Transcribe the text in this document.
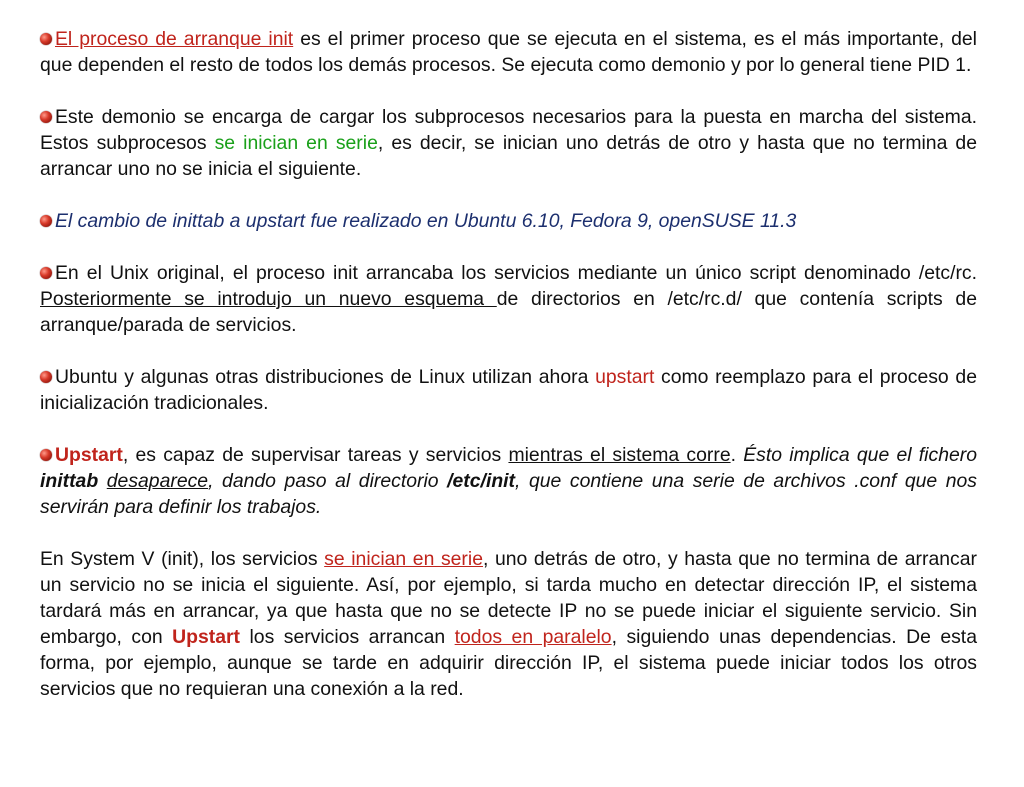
El proceso de arranque init es el primer proceso que se ejecuta en el sistema, es el más importante, del que dependen el resto de todos los demás procesos. Se ejecuta como demonio y por lo general tiene PID 1.

Este demonio se encarga de cargar los subprocesos necesarios para la puesta en marcha del sistema. Estos subprocesos se inician en serie, es decir, se inician uno detrás de otro y hasta que no termina de arrancar uno no se inicia el siguiente.

El cambio de inittab a upstart fue realizado en Ubuntu 6.10, Fedora 9, openSUSE 11.3

En el Unix original, el proceso init arrancaba los servicios mediante un único script denominado /etc/rc. Posteriormente se introdujo un nuevo esquema de directorios en /etc/rc.d/ que contenía scripts de arranque/parada de servicios.

Ubuntu y algunas otras distribuciones de Linux utilizan ahora upstart como reemplazo para el proceso de inicialización tradicionales.

Upstart, es capaz de supervisar tareas y servicios mientras el sistema corre. Ésto implica que el fichero inittab desaparece, dando paso al directorio /etc/init, que contiene una serie de archivos .conf que nos servirán para definir los trabajos.

En System V (init), los servicios se inician en serie, uno detrás de otro, y hasta que no termina de arrancar un servicio no se inicia el siguiente. Así, por ejemplo, si tarda mucho en detectar dirección IP, el sistema tardará más en arrancar, ya que hasta que no se detecte IP no se puede iniciar el siguiente servicio. Sin embargo, con Upstart los servicios arrancan todos en paralelo, siguiendo unas dependencias. De esta forma, por ejemplo, aunque se tarde en adquirir dirección IP, el sistema puede iniciar todos los otros servicios que no requieran una conexión a la red.
